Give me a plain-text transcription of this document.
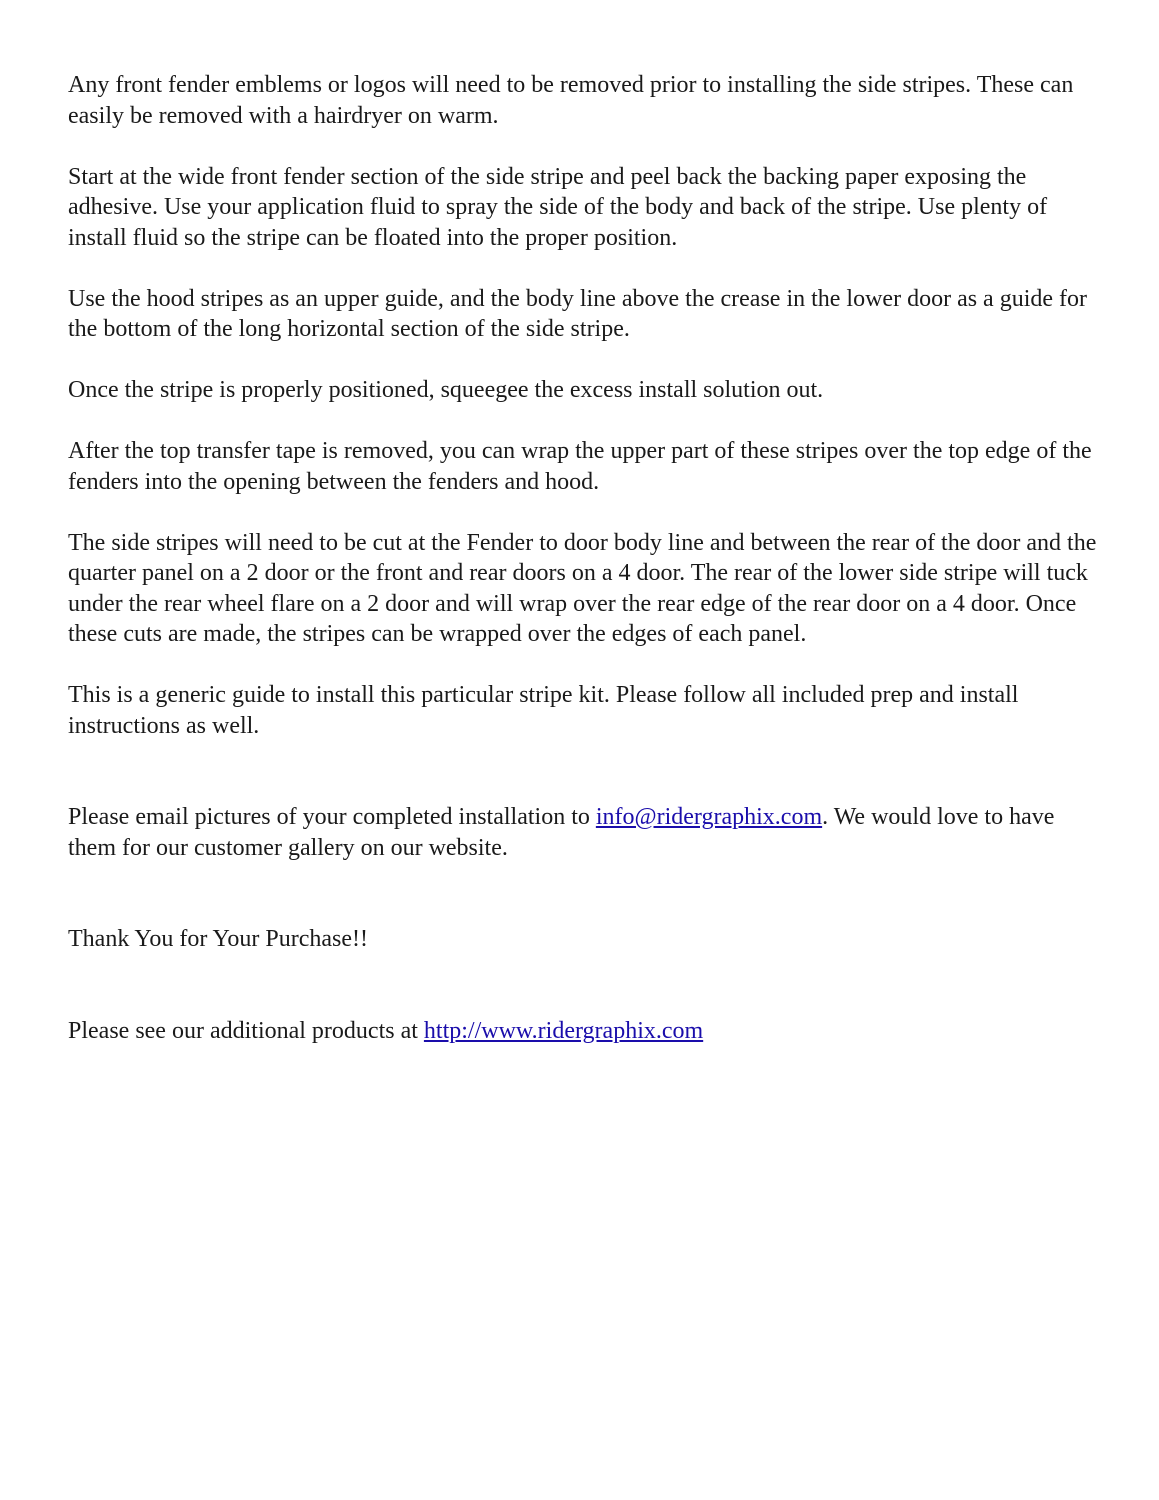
Any front fender emblems or logos will need to be removed prior to installing the side stripes. These can easily be removed with a hairdryer on warm.

Start at the wide front fender section of the side stripe and peel back the backing paper exposing the adhesive. Use your application fluid to spray the side of the body and back of the stripe. Use plenty of install fluid so the stripe can be floated into the proper position.

Use the hood stripes as an upper guide, and the body line above the crease in the lower door as a guide for the bottom of the long horizontal section of the side stripe.

Once the stripe is properly positioned, squeegee the excess install solution out.

After the top transfer tape is removed, you can wrap the upper part of these stripes over the top edge of the fenders into the opening between the fenders and hood.

The side stripes will need to be cut at the Fender to door body line and between the rear of the door and the quarter panel on a 2 door or the front and rear doors on a 4 door. The rear of the lower side stripe will tuck under the rear wheel flare on a 2 door and will wrap over the rear edge of the rear door on a 4 door. Once these cuts are made, the stripes can be wrapped over the edges of each panel.

This is a generic guide to install this particular stripe kit. Please follow all included prep and install instructions as well.

Please email pictures of your completed installation to info@ridergraphix.com. We would love to have them for our customer gallery on our website.

Thank You for Your Purchase!!

Please see our additional products at http://www.ridergraphix.com
